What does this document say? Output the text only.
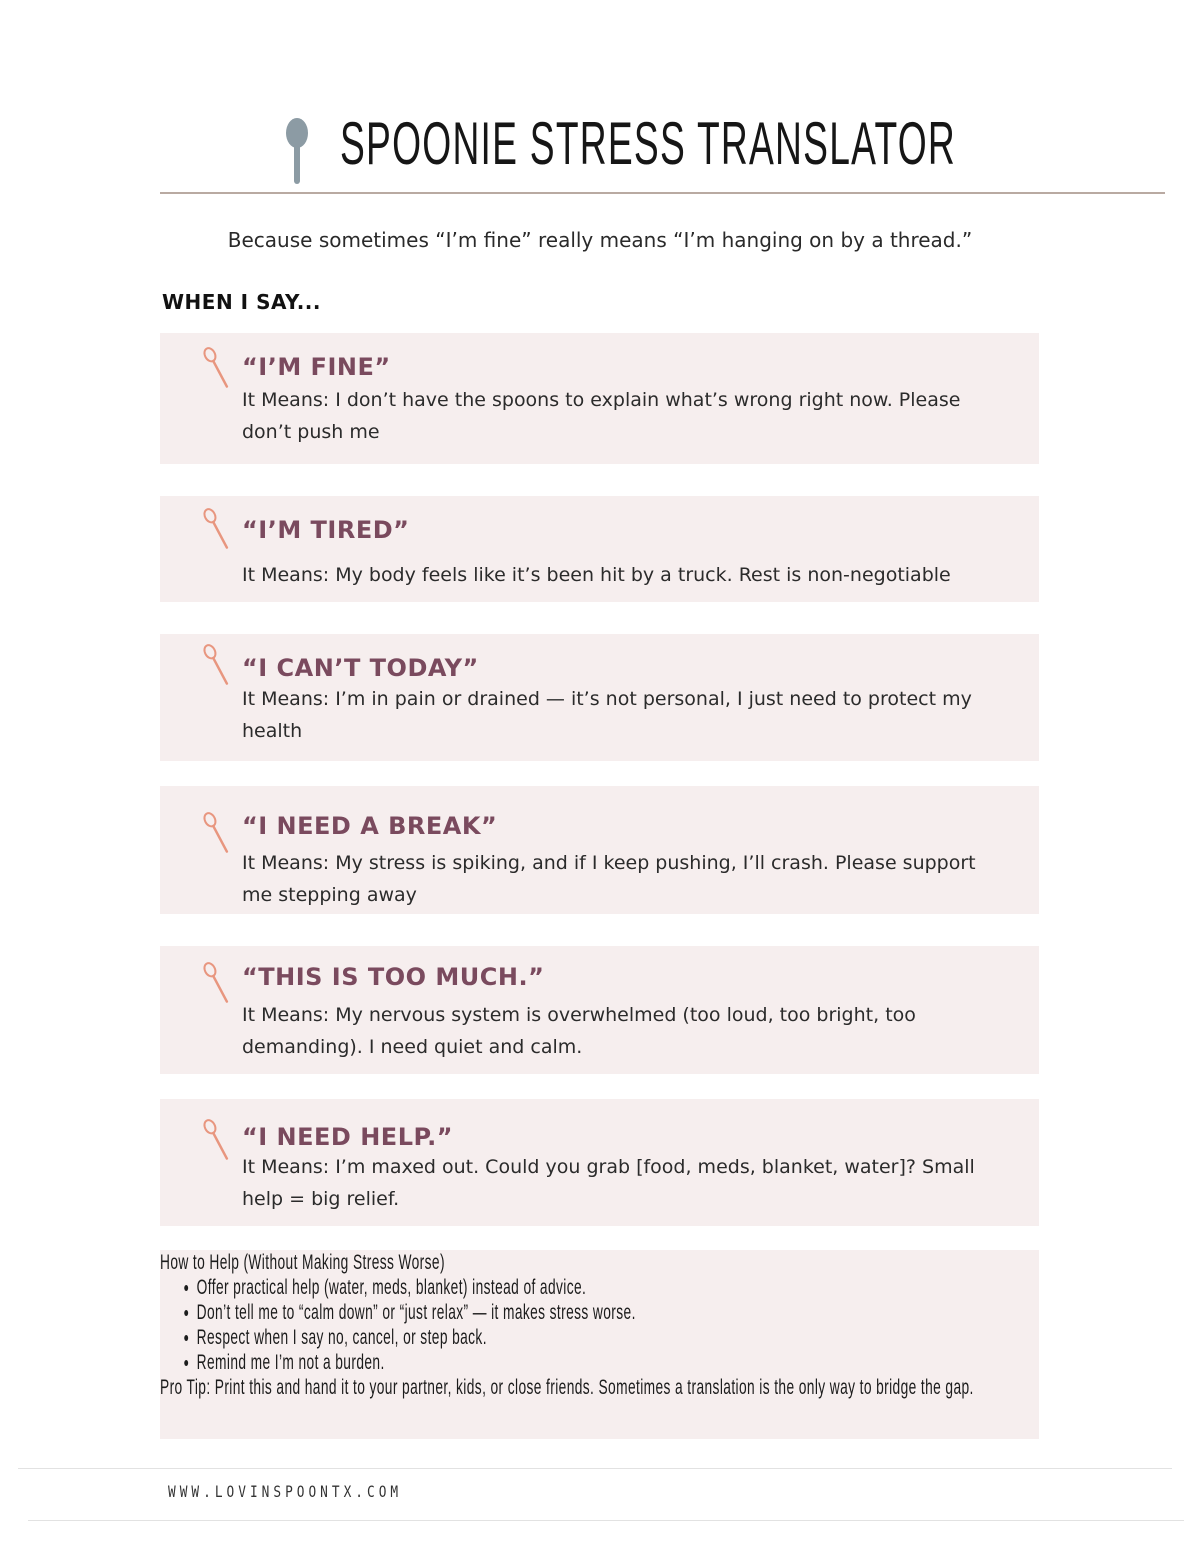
SPOONIE STRESS TRANSLATOR
Because sometimes “I’m fine” really means “I’m hanging on by a thread.”
WHEN I SAY...
“I’M FINE”
It Means: I don’t have the spoons to explain what’s wrong right now. Please don’t push me
“I’M TIRED”
It Means: My body feels like it’s been hit by a truck. Rest is non-negotiable
“I CAN’T TODAY”
It Means: I’m in pain or drained — it’s not personal, I just need to protect my health
“I NEED A BREAK”
It Means: My stress is spiking, and if I keep pushing, I’ll crash. Please support me stepping away
“THIS IS TOO MUCH.”
It Means: My nervous system is overwhelmed (too loud, too bright, too demanding). I need quiet and calm.
“I NEED HELP.”
It Means: I’m maxed out. Could you grab [food, meds, blanket, water]? Small help = big relief.

How to Help (Without Making Stress Worse)

• Offer practical help (water, meds, blanket) instead of advice.
• Don’t tell me to “calm down” or “just relax” — it makes stress worse.
• Respect when I say no, cancel, or step back.
• Remind me I’m not a burden.

Pro Tip: Print this and hand it to your partner, kids, or close friends. Sometimes a translation is the only way to bridge the gap.

WWW.LOVINSPOONTX.COM
